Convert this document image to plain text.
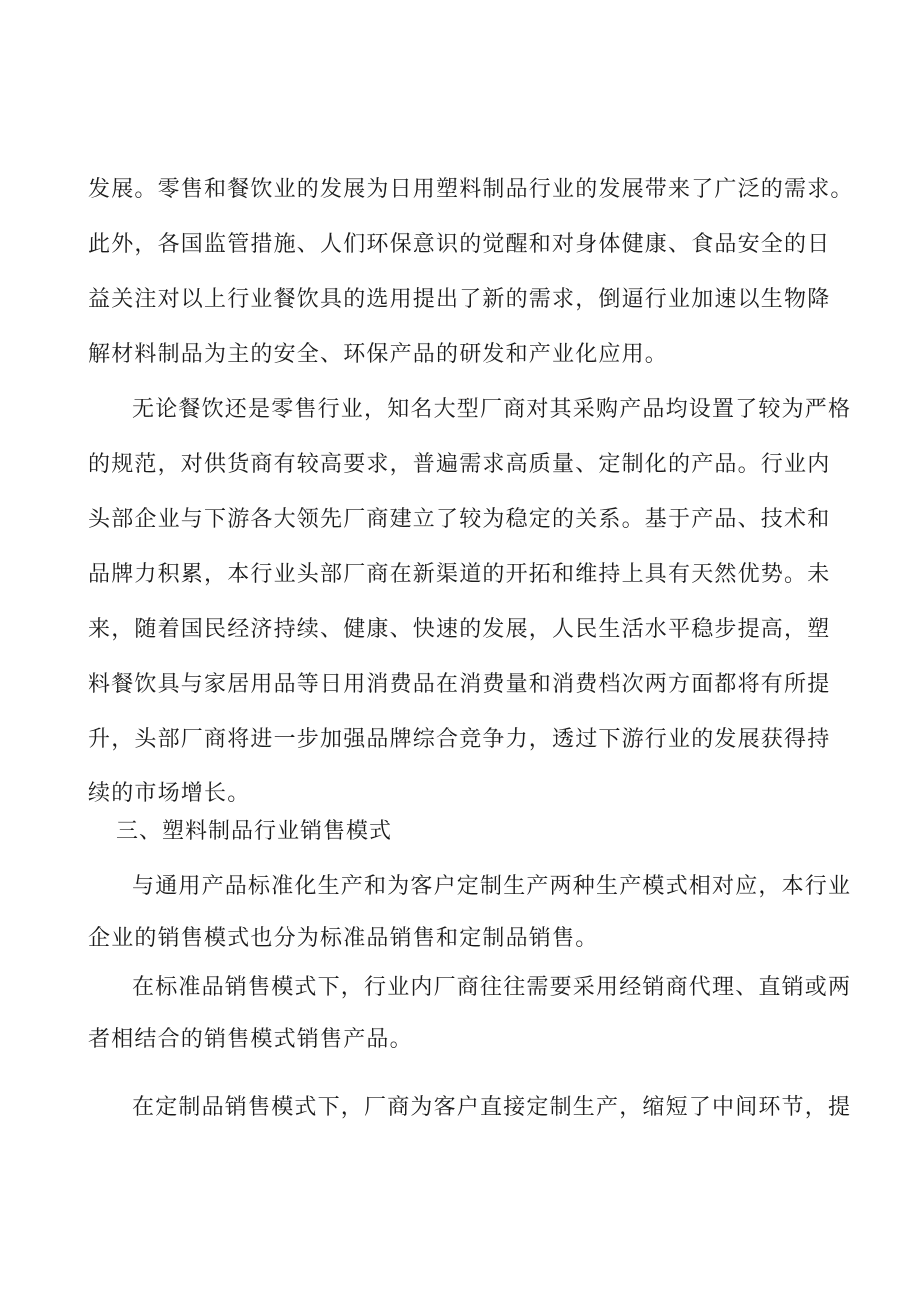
发展。零售和餐饮业的发展为日用塑料制品行业的发展带来了广泛的需求。
此外，各国监管措施、人们环保意识的觉醒和对身体健康、食品安全的日
益关注对以上行业餐饮具的选用提出了新的需求，倒逼行业加速以生物降
解材料制品为主的安全、环保产品的研发和产业化应用。
无论餐饮还是零售行业，知名大型厂商对其采购产品均设置了较为严格
的规范，对供货商有较高要求，普遍需求高质量、定制化的产品。行业内
头部企业与下游各大领先厂商建立了较为稳定的关系。基于产品、技术和
品牌力积累，本行业头部厂商在新渠道的开拓和维持上具有天然优势。未
来，随着国民经济持续、健康、快速的发展，人民生活水平稳步提高，塑
料餐饮具与家居用品等日用消费品在消费量和消费档次两方面都将有所提
升，头部厂商将进一步加强品牌综合竞争力，透过下游行业的发展获得持
续的市场增长。
三、塑料制品行业销售模式
与通用产品标准化生产和为客户定制生产两种生产模式相对应，本行业
企业的销售模式也分为标准品销售和定制品销售。
在标准品销售模式下，行业内厂商往往需要采用经销商代理、直销或两
者相结合的销售模式销售产品。
在定制品销售模式下，厂商为客户直接定制生产，缩短了中间环节，提
